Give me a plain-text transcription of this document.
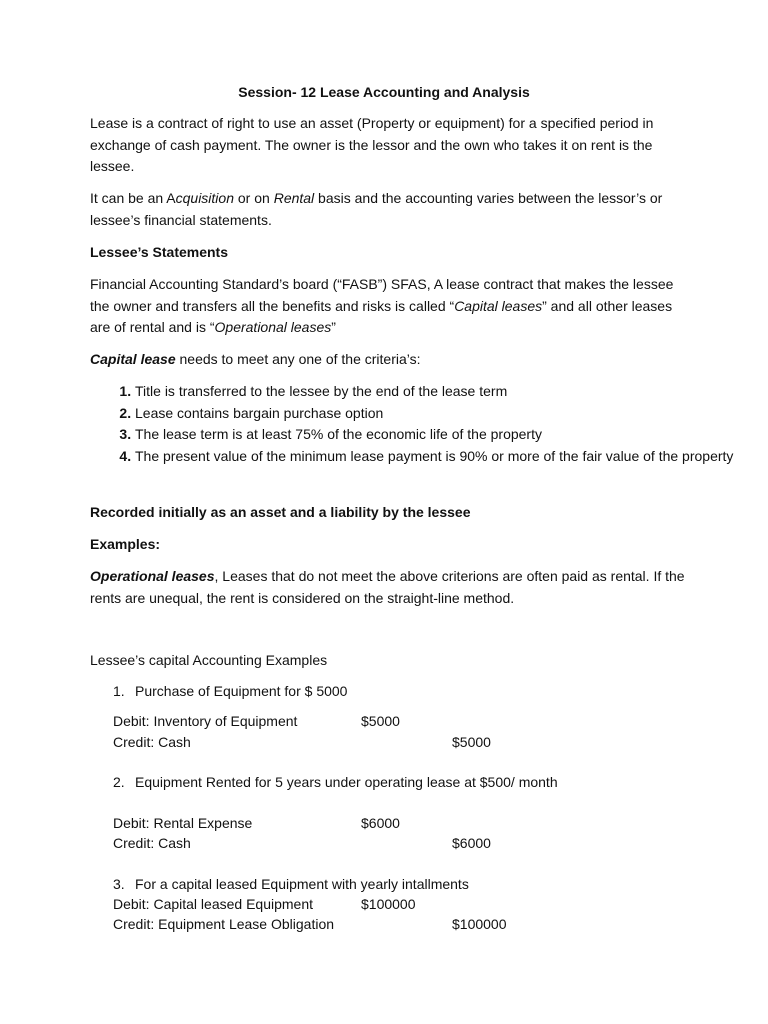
Session- 12 Lease Accounting and Analysis

Lease is a contract of right to use an asset (Property or equipment) for a specified period in exchange of cash payment. The owner is the lessor and the own who takes it on rent is the lessee.

It can be an Acquisition or on Rental basis and the accounting varies between the lessor’s or lessee’s financial statements.

Lessee’s Statements

Financial Accounting Standard’s board (“FASB”) SFAS, A lease contract that makes the lessee the owner and transfers all the benefits and risks is called “Capital leases” and all other leases are of rental and is “Operational leases”

Capital lease needs to meet any one of the criteria’s:

1. Title is transferred to the lessee by the end of the lease term
2. Lease contains bargain purchase option
3. The lease term is at least 75% of the economic life of the property
4. The present value of the minimum lease payment is 90% or more of the fair value of the property

Recorded initially as an asset and a liability by the lessee

Examples:

Operational leases, Leases that do not meet the above criterions are often paid as rental. If the rents are unequal, the rent is considered on the straight-line method.

Lessee’s capital Accounting Examples

1. Purchase of Equipment for $ 5000
Debit: Inventory of Equipment	$5000
Credit: Cash	$5000
2. Equipment Rented for 5 years under operating lease at $500/ month
Debit: Rental Expense	$6000
Credit: Cash	$6000
3. For a capital leased Equipment with yearly intallments
Debit: Capital leased Equipment	$100000
Credit: Equipment Lease Obligation	$100000
